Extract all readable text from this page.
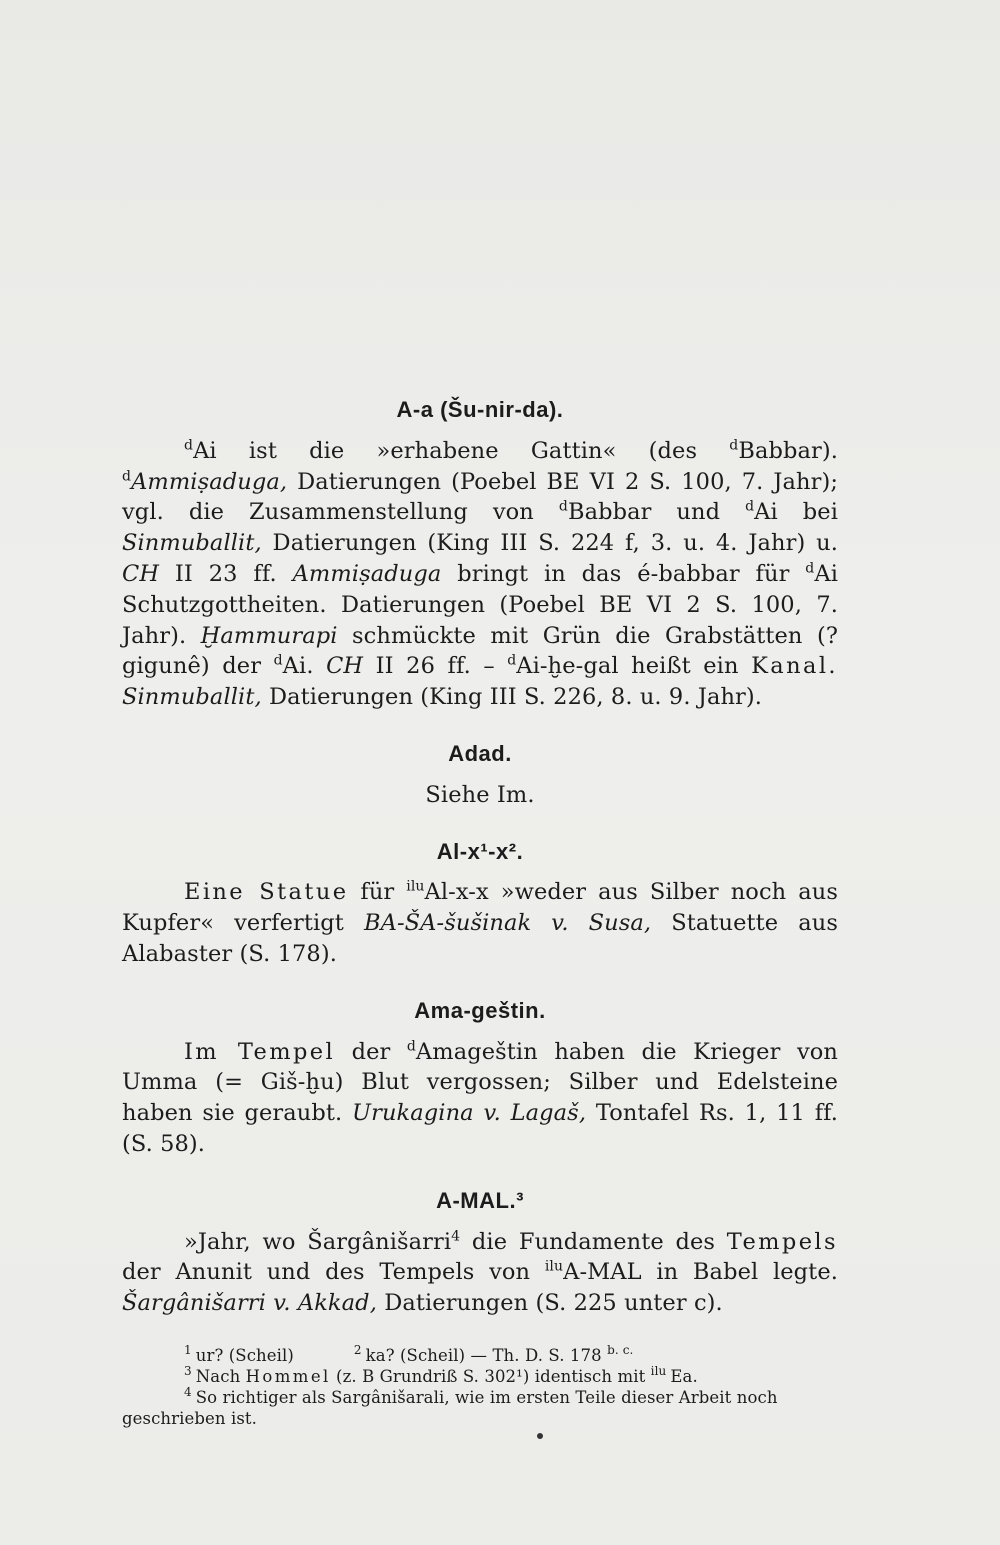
A-a (Šu-nir-da).

$^d$Ai ist die »erhabene Gattin« (des $^d$Babbar). $^d$Ammiṣaduga, Datierungen (Poebel BE VI 2 S. 100, 7. Jahr); vgl. die Zusammenstellung von $^d$Babbar und $^d$Ai bei Sinmuballit, Datierungen (King III S. 224 f, 3. u. 4. Jahr) u. CH II 23 ff. Ammiṣaduga bringt in das é-babbar für $^d$Ai Schutzgottheiten. Datierungen (Poebel BE VI 2 S. 100, 7. Jahr). Ḫammurapi schmückte mit Grün die Grabstätten (? gigunê) der $^d$Ai. CH II 26 ff. – $^d$Ai-ḫe-gal heißt ein Kanal. Sinmuballit, Datierungen (King III S. 226, 8. u. 9. Jahr).

Adad.

Siehe Im.

Al-x¹-x².

Eine Statue für $^{ilu}$Al-x-x »weder aus Silber noch aus Kupfer« verfertigt BA-ŠA-šušinak v. Susa, Statuette aus Alabaster (S. 178).

Ama-geštin.

Im Tempel der $^d$Amageštin haben die Krieger von Umma (= Giš-ḫu) Blut vergossen; Silber und Edelsteine haben sie geraubt. Urukagina v. Lagaš, Tontafel Rs. 1, 11 ff. (S. 58).

A-MAL.³

»Jahr, wo Šargânišarri$^4$ die Fundamente des Tempels der Anunit und des Tempels von $^{ilu}$A-MAL in Babel legte. Šargânišarri v. Akkad, Datierungen (S. 225 unter c).

$^1$ ur? (Scheil)	$^2$ ka? (Scheil) — Th. D. S. 178 $^{b. c.}$

$^3$ Nach Hommel (z. B Grundriß S. 302¹) identisch mit $^{ilu}$ Ea.

$^4$ So richtiger als Sargânišarali, wie im ersten Teile dieser Arbeit noch geschrieben ist.
